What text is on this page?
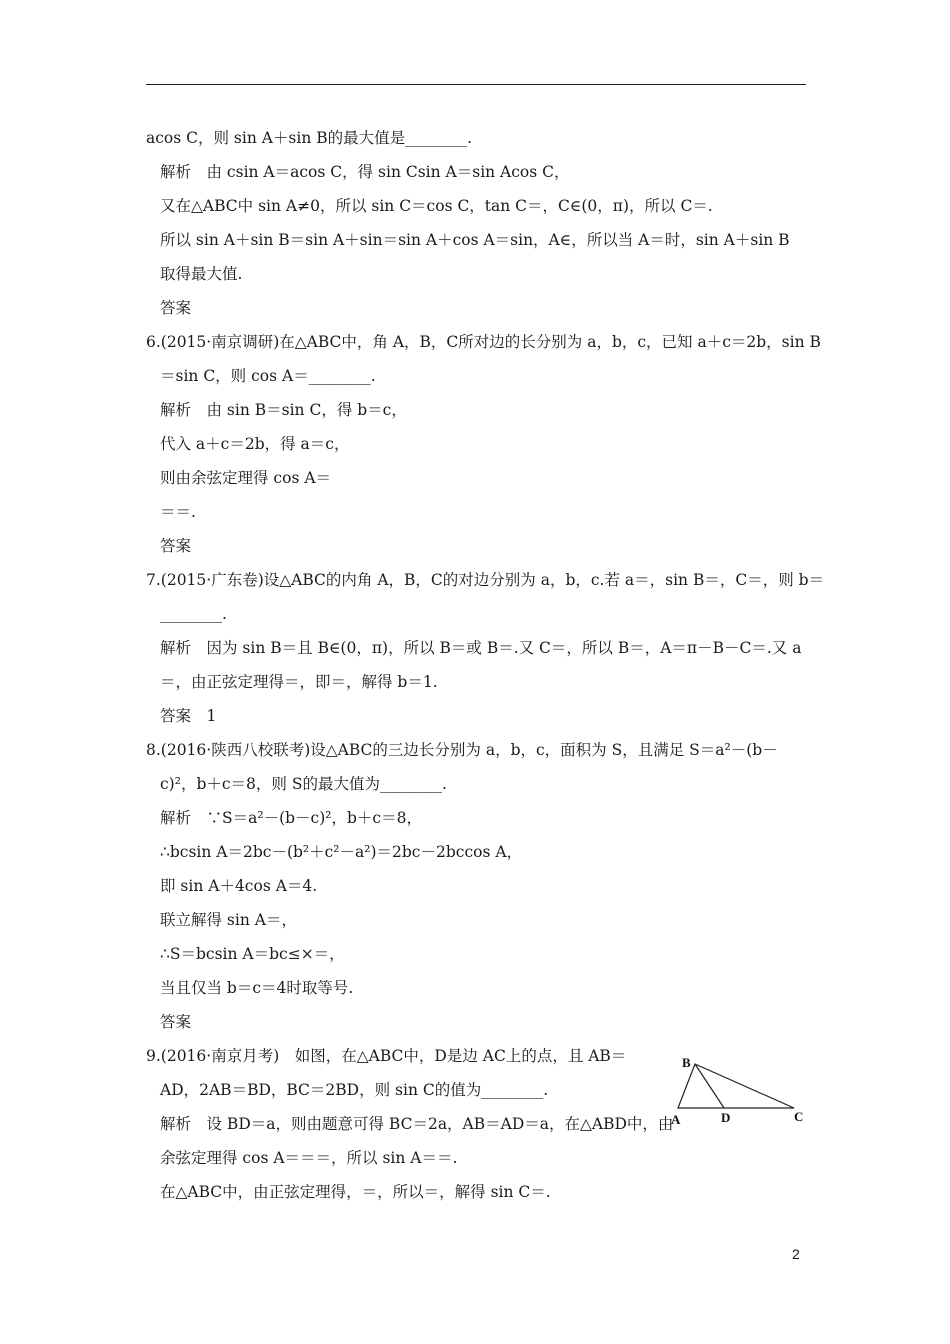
acos C，则 sin A＋sin B的最大值是________.
解析　由 csin A＝acos C，得 sin Csin A＝sin Acos C，
又在△ABC中 sin A≠0，所以 sin C＝cos C，tan C＝，C∈(0，π)，所以 C＝.
所以 sin A＋sin B＝sin A＋sin＝sin A＋cos A＝sin，A∈，所以当 A＝时，sin A＋sin B
取得最大值.
答案
6.(2015·南京调研)在△ABC中，角 A，B，C所对边的长分别为 a，b，c，已知 a＋c＝2b，sin B
＝sin C，则 cos A＝________.
解析　由 sin B＝sin C，得 b＝c，
代入 a＋c＝2b，得 a＝c，
则由余弦定理得 cos A＝
＝＝.
答案
7.(2015·广东卷)设△ABC的内角 A，B，C的对边分别为 a，b，c.若 a＝，sin B＝，C＝，则 b＝
________.
解析　因为 sin B＝且 B∈(0，π)，所以 B＝或 B＝.又 C＝，所以 B＝，A＝π－B－C＝.又 a
＝，由正弦定理得＝，即＝，解得 b＝1.
答案　1
8.(2016·陕西八校联考)设△ABC的三边长分别为 a，b，c，面积为 S，且满足 S＝a²－(b－
c)²，b＋c＝8，则 S的最大值为________.
解析　∵S＝a²－(b－c)²，b＋c＝8，
∴bcsin A＝2bc－(b²＋c²－a²)＝2bc－2bccos A，
即 sin A＋4cos A＝4.
联立解得 sin A＝，
∴S＝bcsin A＝bc≤×＝，
当且仅当 b＝c＝4时取等号.
答案
9.(2016·南京月考)　如图，在△ABC中，D是边 AC上的点，且 AB＝
AD，2AB＝BD，BC＝2BD，则 sin C的值为________.
解析　设 BD＝a，则由题意可得 BC＝2a，AB＝AD＝a，在△ABD中，由
余弦定理得 cos A＝＝＝，所以 sin A＝＝.
在△ABC中，由正弦定理得，＝，所以＝，解得 sin C＝.
B
A	D	C
2
